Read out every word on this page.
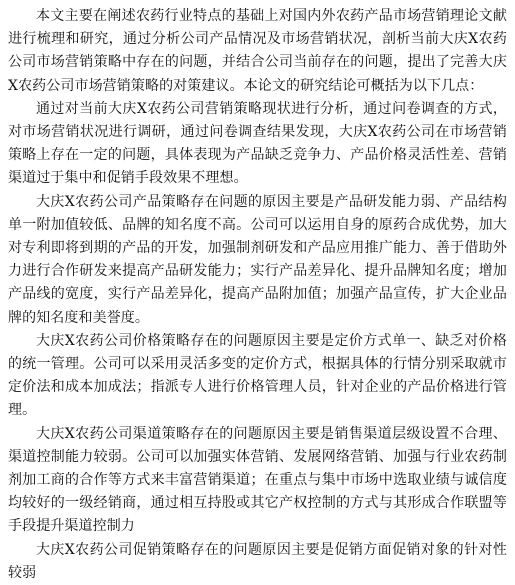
本文主要在阐述农药行业特点的基础上对国内外农药产品市场营销理论文献进行梳理和研究，通过分析公司产品情况及市场营销状况，剖析当前大庆X农药公司市场营销策略中存在的问题，并结合公司当前存在的问题，提出了完善大庆X农药公司市场营销策略的对策建议。本论文的研究结论可概括为以下几点：

通过对当前大庆X农药公司营销策略现状进行分析，通过问卷调查的方式，对市场营销状况进行调研，通过问卷调查结果发现，大庆X农药公司在市场营销策略上存在一定的问题，具体表现为产品缺乏竞争力、产品价格灵活性差、营销渠道过于集中和促销手段效果不理想。

大庆X农药公司产品策略存在问题的原因主要是产品研发能力弱、产品结构单一附加值较低、品牌的知名度不高。公司可以运用自身的原药合成优势，加大对专利即将到期的产品的开发，加强制剂研发和产品应用推广能力、善于借助外力进行合作研发来提高产品研发能力；实行产品差异化、提升品牌知名度；增加产品线的宽度，实行产品差异化，提高产品附加值；加强产品宣传，扩大企业品牌的知名度和美誉度。

大庆X农药公司价格策略存在的问题原因主要是定价方式单一、缺乏对价格的统一管理。公司可以采用灵活多变的定价方式，根据具体的行情分别采取就市定价法和成本加成法；指派专人进行价格管理人员，针对企业的产品价格进行管理。

大庆X农药公司渠道策略存在的问题原因主要是销售渠道层级设置不合理、渠道控制能力较弱。公司可以加强实体营销、发展网络营销、加强与行业农药制剂加工商的合作等方式来丰富营销渠道；在重点与集中市场中选取业绩与诚信度均较好的一级经销商，通过相互持股或其它产权控制的方式与其形成合作联盟等手段提升渠道控制力

大庆X农药公司促销策略存在的问题原因主要是促销方面促销对象的针对性较弱
